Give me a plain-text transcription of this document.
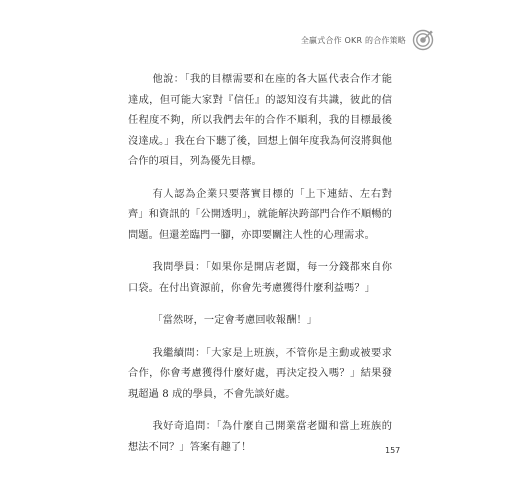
全贏式合作 OKR 的合作策略

他說：「我的目標需要和在座的各大區代表合作才能達成，但可能大家對『信任』的認知沒有共識，彼此的信任程度不夠，所以我們去年的合作不順利，我的目標最後沒達成。」我在台下聽了後，回想上個年度我為何沒將與他合作的項目，列為優先目標。

有人認為企業只要落實目標的「上下連結、左右對齊」和資訊的「公開透明」，就能解決跨部門合作不順暢的問題。但還差臨門一腳，亦即要關注人性的心理需求。

我問學員：「如果你是開店老闆，每一分錢都來自你口袋。在付出資源前，你會先考慮獲得什麼利益嗎？」

「當然呀，一定會考慮回收報酬！」

我繼續問：「大家是上班族，不管你是主動或被要求合作，你會考慮獲得什麼好處，再決定投入嗎？」結果發現超過 8 成的學員，不會先談好處。

我好奇追問：「為什麼自己開業當老闆和當上班族的想法不同？」答案有趣了！	157
